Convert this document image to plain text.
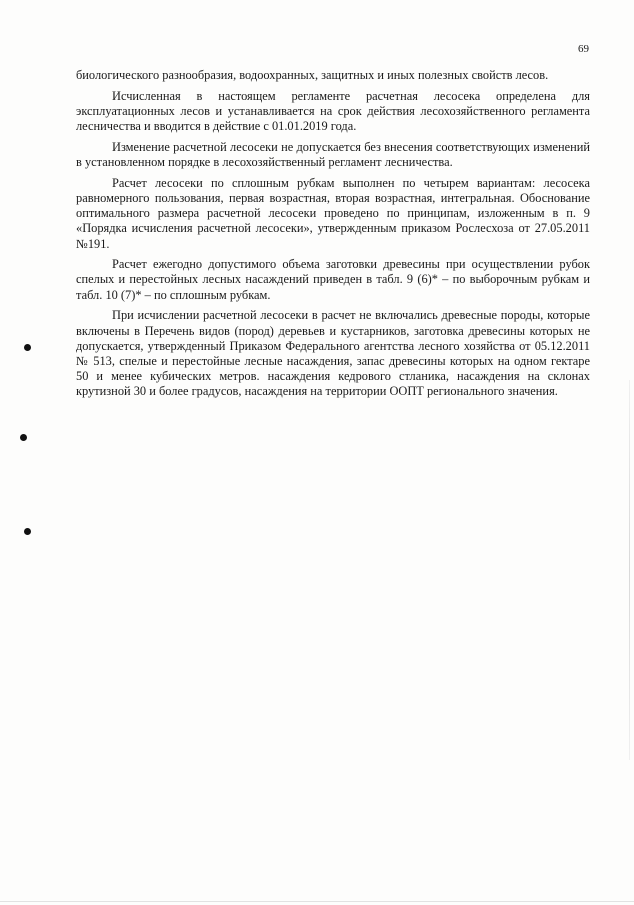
69

биологического разнообразия, водоохранных, защитных и иных полезных свойств лесов.

Исчисленная в настоящем регламенте расчетная лесосека определена для эксплуатационных лесов и устанавливается на срок действия лесохозяйственного регламента лесничества и вводится в действие с 01.01.2019 года.

Изменение расчетной лесосеки не допускается без внесения соответствующих изменений в установленном порядке в лесохозяйственный регламент лесничества.

Расчет лесосеки по сплошным рубкам выполнен по четырем вариантам: лесосека равномерного пользования, первая возрастная, вторая возрастная, интегральная. Обоснование оптимального размера расчетной лесосеки проведено по принципам, изложенным в п. 9 «Порядка исчисления расчетной лесосеки», утвержденным приказом Рослесхоза от 27.05.2011 №191.

Расчет ежегодно допустимого объема заготовки древесины при осуществлении рубок спелых и перестойных лесных насаждений приведен в табл. 9 (6)* – по выборочным рубкам и табл. 10 (7)* – по сплошным рубкам.

При исчислении расчетной лесосеки в расчет не включались древесные породы, которые включены в Перечень видов (пород) деревьев и кустарников, заготовка древесины которых не допускается, утвержденный Приказом Федерального агентства лесного хозяйства от 05.12.2011 № 513, спелые и перестойные лесные насаждения, запас древесины которых на одном гектаре 50 и менее кубических метров. насаждения кедрового стланика, насаждения на склонах крутизной 30 и более градусов, насаждения на территории ООПТ регионального значения.
